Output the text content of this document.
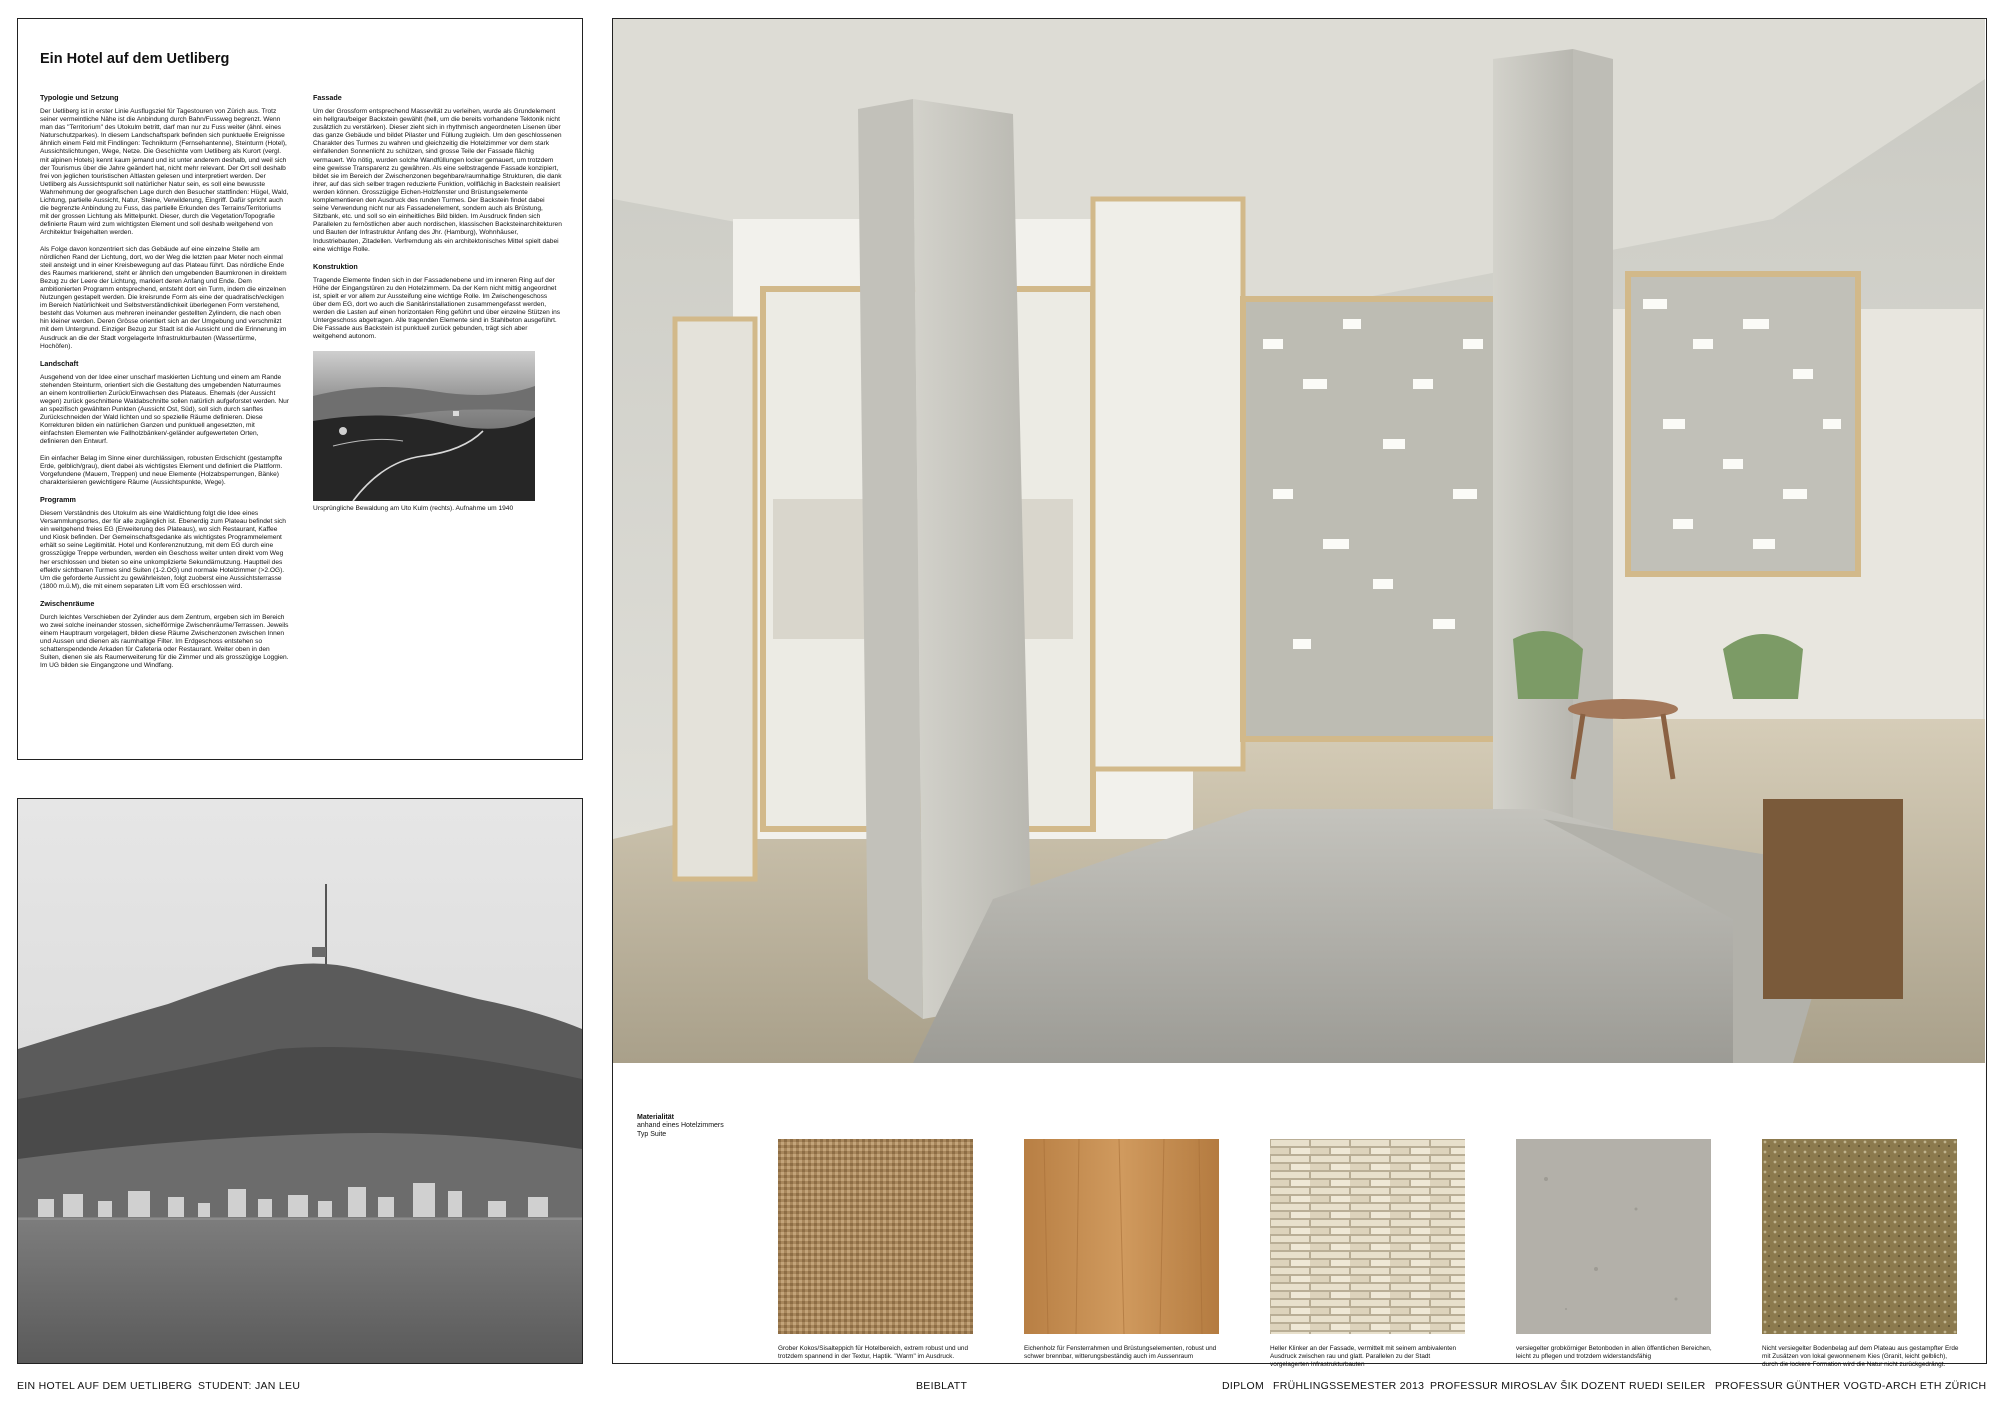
Ein Hotel auf dem Uetliberg
Typologie und Setzung

Der Uetliberg ist in erster Linie Ausflugsziel für Tagestouren von Zürich aus. Trotz seiner vermeintliche Nähe ist die Anbindung durch Bahn/Fussweg begrenzt. Wenn man das "Territorium" des Utokulm betritt, darf man nur zu Fuss weiter (ähnl. eines Naturschutzparkes). In diesem Landschaftspark befinden sich punktuelle Ereignisse ähnlich einem Feld mit Findlingen: Technikturm (Fernsehantenne), Steinturm (Hotel), Aussichtslichtungen, Wege, Netze. Die Geschichte vom Uetliberg als Kurort (vergl. mit alpinen Hotels) kennt kaum jemand und ist unter anderem deshalb, und weil sich der Tourismus über die Jahre geändert hat, nicht mehr relevant. Der Ort soll deshalb frei von jeglichen touristischen Altlasten gelesen und interpretiert werden. Der Uetliberg als Aussichtspunkt soll natürlicher Natur sein, es soll eine bewusste Wahrnehmung der geografischen Lage durch den Besucher stattfinden: Hügel, Wald, Lichtung, partielle Aussicht, Natur, Steine, Verwilderung, Eingriff. Dafür spricht auch die begrenzte Anbindung zu Fuss, das partielle Erkunden des Terrains/Territoriums mit der grossen Lichtung als Mittelpunkt. Dieser, durch die Vegetation/Topografie definierte Raum wird zum wichtigsten Element und soll deshalb weitgehend von Architektur freigehalten werden.

Als Folge davon konzentriert sich das Gebäude auf eine einzelne Stelle am nördlichen Rand der Lichtung, dort, wo der Weg die letzten paar Meter noch einmal steil ansteigt und in einer Kreisbewegung auf das Plateau führt. Das nördliche Ende des Raumes markierend, steht er ähnlich den umgebenden Baumkronen in direktem Bezug zu der Leere der Lichtung, markiert deren Anfang und Ende. Dem ambitionierten Programm entsprechend, entsteht dort ein Turm, indem die einzelnen Nutzungen gestapelt werden. Die kreisrunde Form als eine der quadratisch/eckigen im Bereich Natürlichkeit und Selbstverständlichkeit überlegenen Form verstehend, besteht das Volumen aus mehreren ineinander gestellten Zylindern, die nach oben hin kleiner werden. Deren Grösse orientiert sich an der Umgebung und verschmilzt mit dem Untergrund. Einziger Bezug zur Stadt ist die Aussicht und die Erinnerung im Ausdruck an die der Stadt vorgelagerte Infrastrukturbauten (Wassertürme, Hochöfen).

Landschaft

Ausgehend von der Idee einer unscharf maskierten Lichtung und einem am Rande stehenden Steinturm, orientiert sich die Gestaltung des umgebenden Naturraumes an einem kontrollierten Zurück/Einwachsen des Plateaus. Ehemals (der Aussicht wegen) zurück geschnittene Waldabschnitte sollen natürlich aufgeforstet werden. Nur an spezifisch gewählten Punkten (Aussicht Ost, Süd), soll sich durch sanftes Zurückschneiden der Wald lichten und so spezielle Räume definieren. Diese Korrekturen bilden ein natürlichen Ganzen und punktuell angesetzten, mit einfachsten Elementen wie Fallholzbänken/-geländer aufgewerteten Orten, definieren den Entwurf.

Ein einfacher Belag im Sinne einer durchlässigen, robusten Erdschicht (gestampfte Erde, gelblich/grau), dient dabei als wichtigstes Element und definiert die Plattform. Vorgefundene (Mauern, Treppen) und neue Elemente (Holzabsperrungen, Bänke) charakterisieren gewichtigere Räume (Aussichtspunkte, Wege).

Programm

Diesem Verständnis des Utokulm als eine Waldlichtung folgt die Idee eines Versammlungsortes, der für alle zugänglich ist. Ebenerdig zum Plateau befindet sich ein weitgehend freies EG (Erweiterung des Plateaus), wo sich Restaurant, Kaffee und Kiosk befinden. Der Gemeinschaftsgedanke als wichtigstes Programmelement erhält so seine Legitimität. Hotel und Konferenznutzung, mit dem EG durch eine grosszügige Treppe verbunden, werden ein Geschoss weiter unten direkt vom Weg her erschlossen und bieten so eine unkomplizierte Sekundärnutzung. Hauptteil des effektiv sichtbaren Turmes sind Suiten (1-2.OG) und normale Hotelzimmer (>2.OG). Um die geforderte Aussicht zu gewährleisten, folgt zuoberst eine Aussichtsterrasse (1800 m.ü.M), die mit einem separaten Lift vom EG erschlossen wird.

Zwischenräume

Durch leichtes Verschieben der Zylinder aus dem Zentrum, ergeben sich im Bereich wo zwei solche ineinander stossen, sichelförmige Zwischenräume/Terrassen. Jeweils einem Hauptraum vorgelagert, bilden diese Räume Zwischenzonen zwischen Innen und Aussen und dienen als raumhaltige Filter. Im Erdgeschoss entstehen so schattenspendende Arkaden für Cafeteria oder Restaurant. Weiter oben in den Suiten, dienen sie als Raumerweiterung für die Zimmer und als grosszügige Loggien. Im UG bilden sie Eingangzone und Windfang.

Fassade

Um der Grossform entsprechend Massevität zu verleihen, wurde als Grundelement ein hellgrau/beiger Backstein gewählt (hell, um die bereits vorhandene Tektonik nicht zusätzlich zu verstärken). Dieser zieht sich in rhythmisch angeordneten Lisenen über das ganze Gebäude und bildet Pilaster und Füllung zugleich. Um den geschlossenen Charakter des Turmes zu wahren und gleichzeitig die Hotelzimmer vor dem stark einfallenden Sonnenlicht zu schützen, sind grosse Teile der Fassade flächig vermauert. Wo nötig, wurden solche Wandfüllungen locker gemauert, um trotzdem eine gewisse Transparenz zu gewähren. Als eine selbstragende Fassade konzipiert, bildet sie im Bereich der Zwischenzonen begehbare/raumhaltige Strukturen, die dank ihrer, auf das sich selber tragen reduzierte Funktion, vollflächig in Backstein realisiert werden können. Grosszügige Eichen-Holzfenster und Brüstungselemente komplementieren den Ausdruck des runden Turmes. Der Backstein findet dabei seine Verwendung nicht nur als Fassadenelement, sondern auch als Brüstung, Sitzbank, etc. und soll so ein einheitliches Bild bilden. Im Ausdruck finden sich Parallelen zu fernöstlichen aber auch nordischen, klassischen Backsteinarchitekturen und Bauten der Infrastruktur Anfang des Jhr. (Hamburg), Wohnhäuser, Industriebauten, Zitadellen. Verfremdung als ein architektonisches Mittel spielt dabei eine wichtige Rolle.

Konstruktion

Tragende Elemente finden sich in der Fassadenebene und im inneren Ring auf der Höhe der Eingangstüren zu den Hotelzimmern. Da der Kern nicht mittig angeordnet ist, spielt er vor allem zur Aussteifung eine wichtige Rolle. Im Zwischengeschoss über dem EG, dort wo auch die Sanitärinstallationen zusammengefasst werden, werden die Lasten auf einen horizontalen Ring geführt und über einzelne Stützen ins Untergeschoss abgetragen. Alle tragenden Elemente sind in Stahlbeton ausgeführt. Die Fassade aus Backstein ist punktuell zurück gebunden, trägt sich aber weitgehend autonom.

Ursprüngliche Bewaldung am Uto Kulm (rechts). Aufnahme um 1940
Materialität
anhand eines Hotelzimmers
Typ Suite
Grober Kokos/Sisalteppich für Hotelbereich, extrem robust und und trotzdem spannend in der Textur, Haptik. "Warm" im Ausdruck.
Eichenholz für Fensterrahmen und Brüstungselementen, robust und schwer brennbar, witterungsbeständig auch im Aussenraum
Heller Klinker an der Fassade, vermittelt mit seinem ambivalenten Ausdruck zwischen rau und glatt. Parallelen zu der Stadt vorgelagerten Infrastrukturbauten
versiegelter grobkörniger Betonboden in allen öffentlichen Bereichen, leicht zu pflegen und trotzdem widerstandsfähig
Nicht versiegelter Bodenbelag auf dem Plateau aus gestampfter Erde mit Zusätzen von lokal gewonnenem Kies (Granit, leicht gelblich), durch die lockere Formation wird die Natur nicht zurückgedrängt.
EIN HOTEL AUF DEM UETLIBERG STUDENT: JAN LEU	BEIBLATT	DIPLOM FRÜHLINGSSEMESTER 2013 PROFESSUR MIROSLAV ŠIK DOZENT RUEDI SEILER PROFESSUR GÜNTHER VOGT D-ARCH ETH ZÜRICH
